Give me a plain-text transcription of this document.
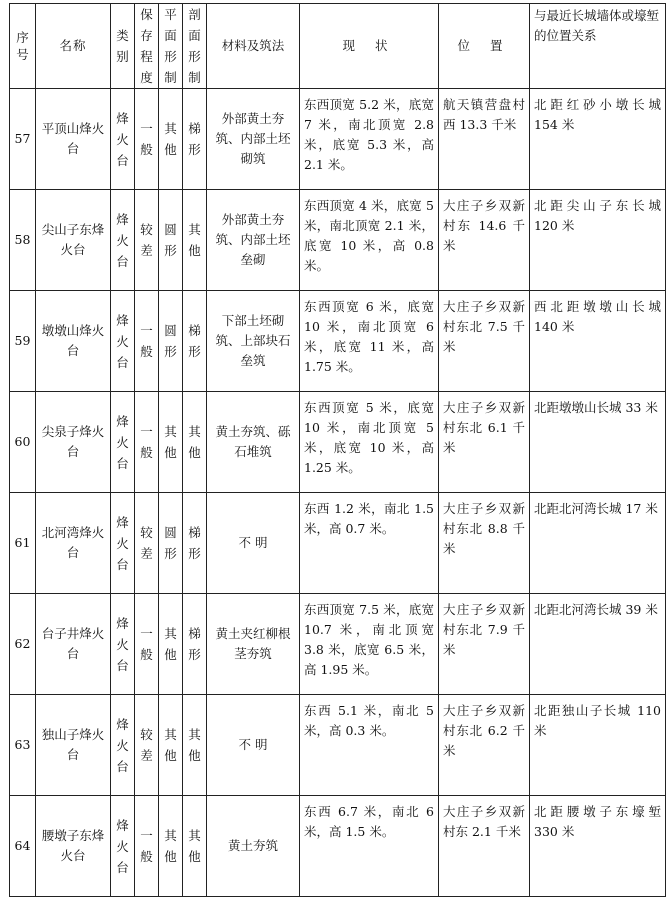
序号	名称	类别	保存程度	平面形制	剖面形制	材料及筑法	现 状	位 置	与最近长城墙体或壕堑的位置关系
57	平顶山烽火台	烽火台	一般	其他	梯形	外部黄土夯筑、内部土坯砌筑	东西顶宽 5.2 米，底宽 7 米，南北顶宽 2.8 米，底宽 5.3 米，高 2.1 米。	航天镇营盘村西 13.3 千米	北距红砂小墩长城 154 米
58	尖山子东烽火台	烽火台	较差	圆形	其他	外部黄土夯筑、内部土坯垒砌	东西顶宽 4 米，底宽 5 米，南北顶宽 2.1 米，底宽 10 米，高 0.8 米。	大庄子乡双新村东 14.6 千米	北距尖山子东长城 120 米
59	墩墩山烽火台	烽火台	一般	圆形	梯形	下部土坯砌筑、上部块石垒筑	东西顶宽 6 米，底宽 10 米，南北顶宽 6 米，底宽 11 米，高 1.75 米。	大庄子乡双新村东北 7.5 千米	西北距墩墩山长城 140 米
60	尖泉子烽火台	烽火台	一般	其他	其他	黄土夯筑、砾石堆筑	东西顶宽 5 米，底宽 10 米，南北顶宽 5 米，底宽 10 米，高 1.25 米。	大庄子乡双新村东北 6.1 千米	北距墩墩山长城 33 米
61	北河湾烽火台	烽火台	较差	圆形	梯形	不 明	东西 1.2 米，南北 1.5 米，高 0.7 米。	大庄子乡双新村东北 8.8 千米	北距北河湾长城 17 米
62	台子井烽火台	烽火台	一般	其他	梯形	黄土夹红柳根茎夯筑	东西顶宽 7.5 米，底宽 10.7 米，南北顶宽 3.8 米，底宽 6.5 米，高 1.95 米。	大庄子乡双新村东北 7.9 千米	北距北河湾长城 39 米
63	独山子烽火台	烽火台	较差	其他	其他	不 明	东西 5.1 米，南北 5 米，高 0.3 米。	大庄子乡双新村东北 6.2 千米	北距独山子长城 110 米
64	腰墩子东烽火台	烽火台	一般	其他	其他	黄土夯筑	东西 6.7 米，南北 6 米，高 1.5 米。	大庄子乡双新村东 2.1 千米	北距腰墩子东壕堑 330 米
